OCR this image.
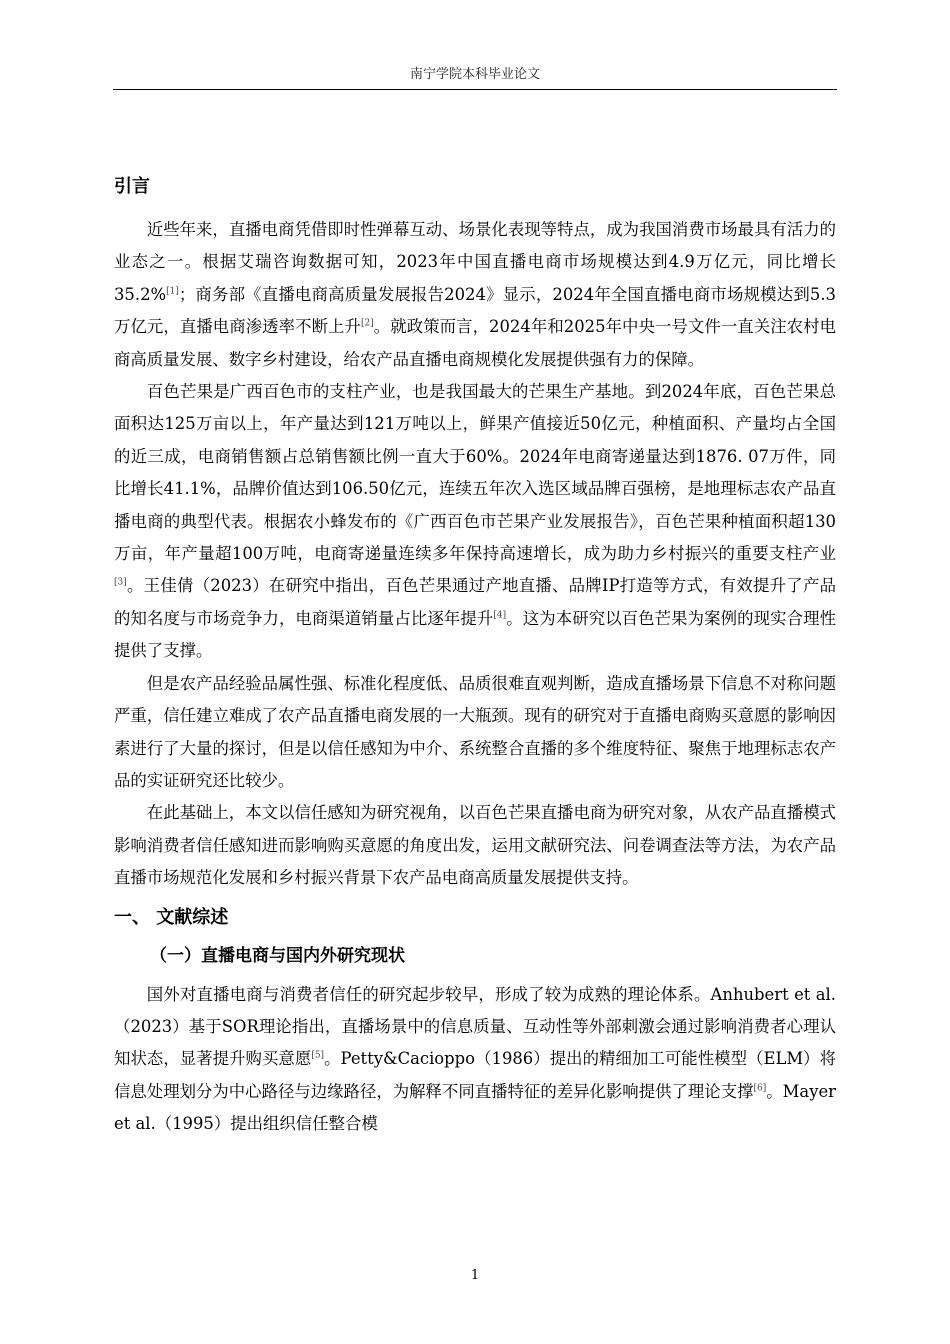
南宁学院本科毕业论文
引言

近些年来，直播电商凭借即时性弹幕互动、场景化表现等特点，成为我国消费市场最具有活力的业态之一。根据艾瑞咨询数据可知，2023年中国直播电商市场规模达到4.9万亿元，同比增长35.2%[1]；商务部《直播电商高质量发展报告2024》显示，2024年全国直播电商市场规模达到5.3万亿元，直播电商渗透率不断上升[2]。就政策而言，2024年和2025年中央一号文件一直关注农村电商高质量发展、数字乡村建设，给农产品直播电商规模化发展提供强有力的保障。

百色芒果是广西百色市的支柱产业，也是我国最大的芒果生产基地。到2024年底，百色芒果总面积达125万亩以上，年产量达到121万吨以上，鲜果产值接近50亿元，种植面积、产量均占全国的近三成，电商销售额占总销售额比例一直大于60%。2024年电商寄递量达到1876. 07万件，同比增长41.1%，品牌价值达到106.50亿元，连续五年次入选区域品牌百强榜，是地理标志农产品直播电商的典型代表。根据农小蜂发布的《广西百色市芒果产业发展报告》，百色芒果种植面积超130万亩，年产量超100万吨，电商寄递量连续多年保持高速增长，成为助力乡村振兴的重要支柱产业[3]。王佳倩（2023）在研究中指出，百色芒果通过产地直播、品牌IP打造等方式，有效提升了产品的知名度与市场竞争力，电商渠道销量占比逐年提升[4]。这为本研究以百色芒果为案例的现实合理性提供了支撑。

但是农产品经验品属性强、标准化程度低、品质很难直观判断，造成直播场景下信息不对称问题严重，信任建立难成了农产品直播电商发展的一大瓶颈。现有的研究对于直播电商购买意愿的影响因素进行了大量的探讨，但是以信任感知为中介、系统整合直播的多个维度特征、聚焦于地理标志农产品的实证研究还比较少。

在此基础上，本文以信任感知为研究视角，以百色芒果直播电商为研究对象，从农产品直播模式影响消费者信任感知进而影响购买意愿的角度出发，运用文献研究法、问卷调查法等方法，为农产品直播市场规范化发展和乡村振兴背景下农产品电商高质量发展提供支持。

一、 文献综述
（一）直播电商与国内外研究现状

国外对直播电商与消费者信任的研究起步较早，形成了较为成熟的理论体系。Anhubert et al.（2023）基于SOR理论指出，直播场景中的信息质量、互动性等外部刺激会通过影响消费者心理认知状态，显著提升购买意愿[5]。Petty&Cacioppo（1986）提出的精细加工可能性模型（ELM）将信息处理划分为中心路径与边缘路径，为解释不同直播特征的差异化影响提供了理论支撑[6]。Mayer et al.（1995）提出组织信任整合模

1
